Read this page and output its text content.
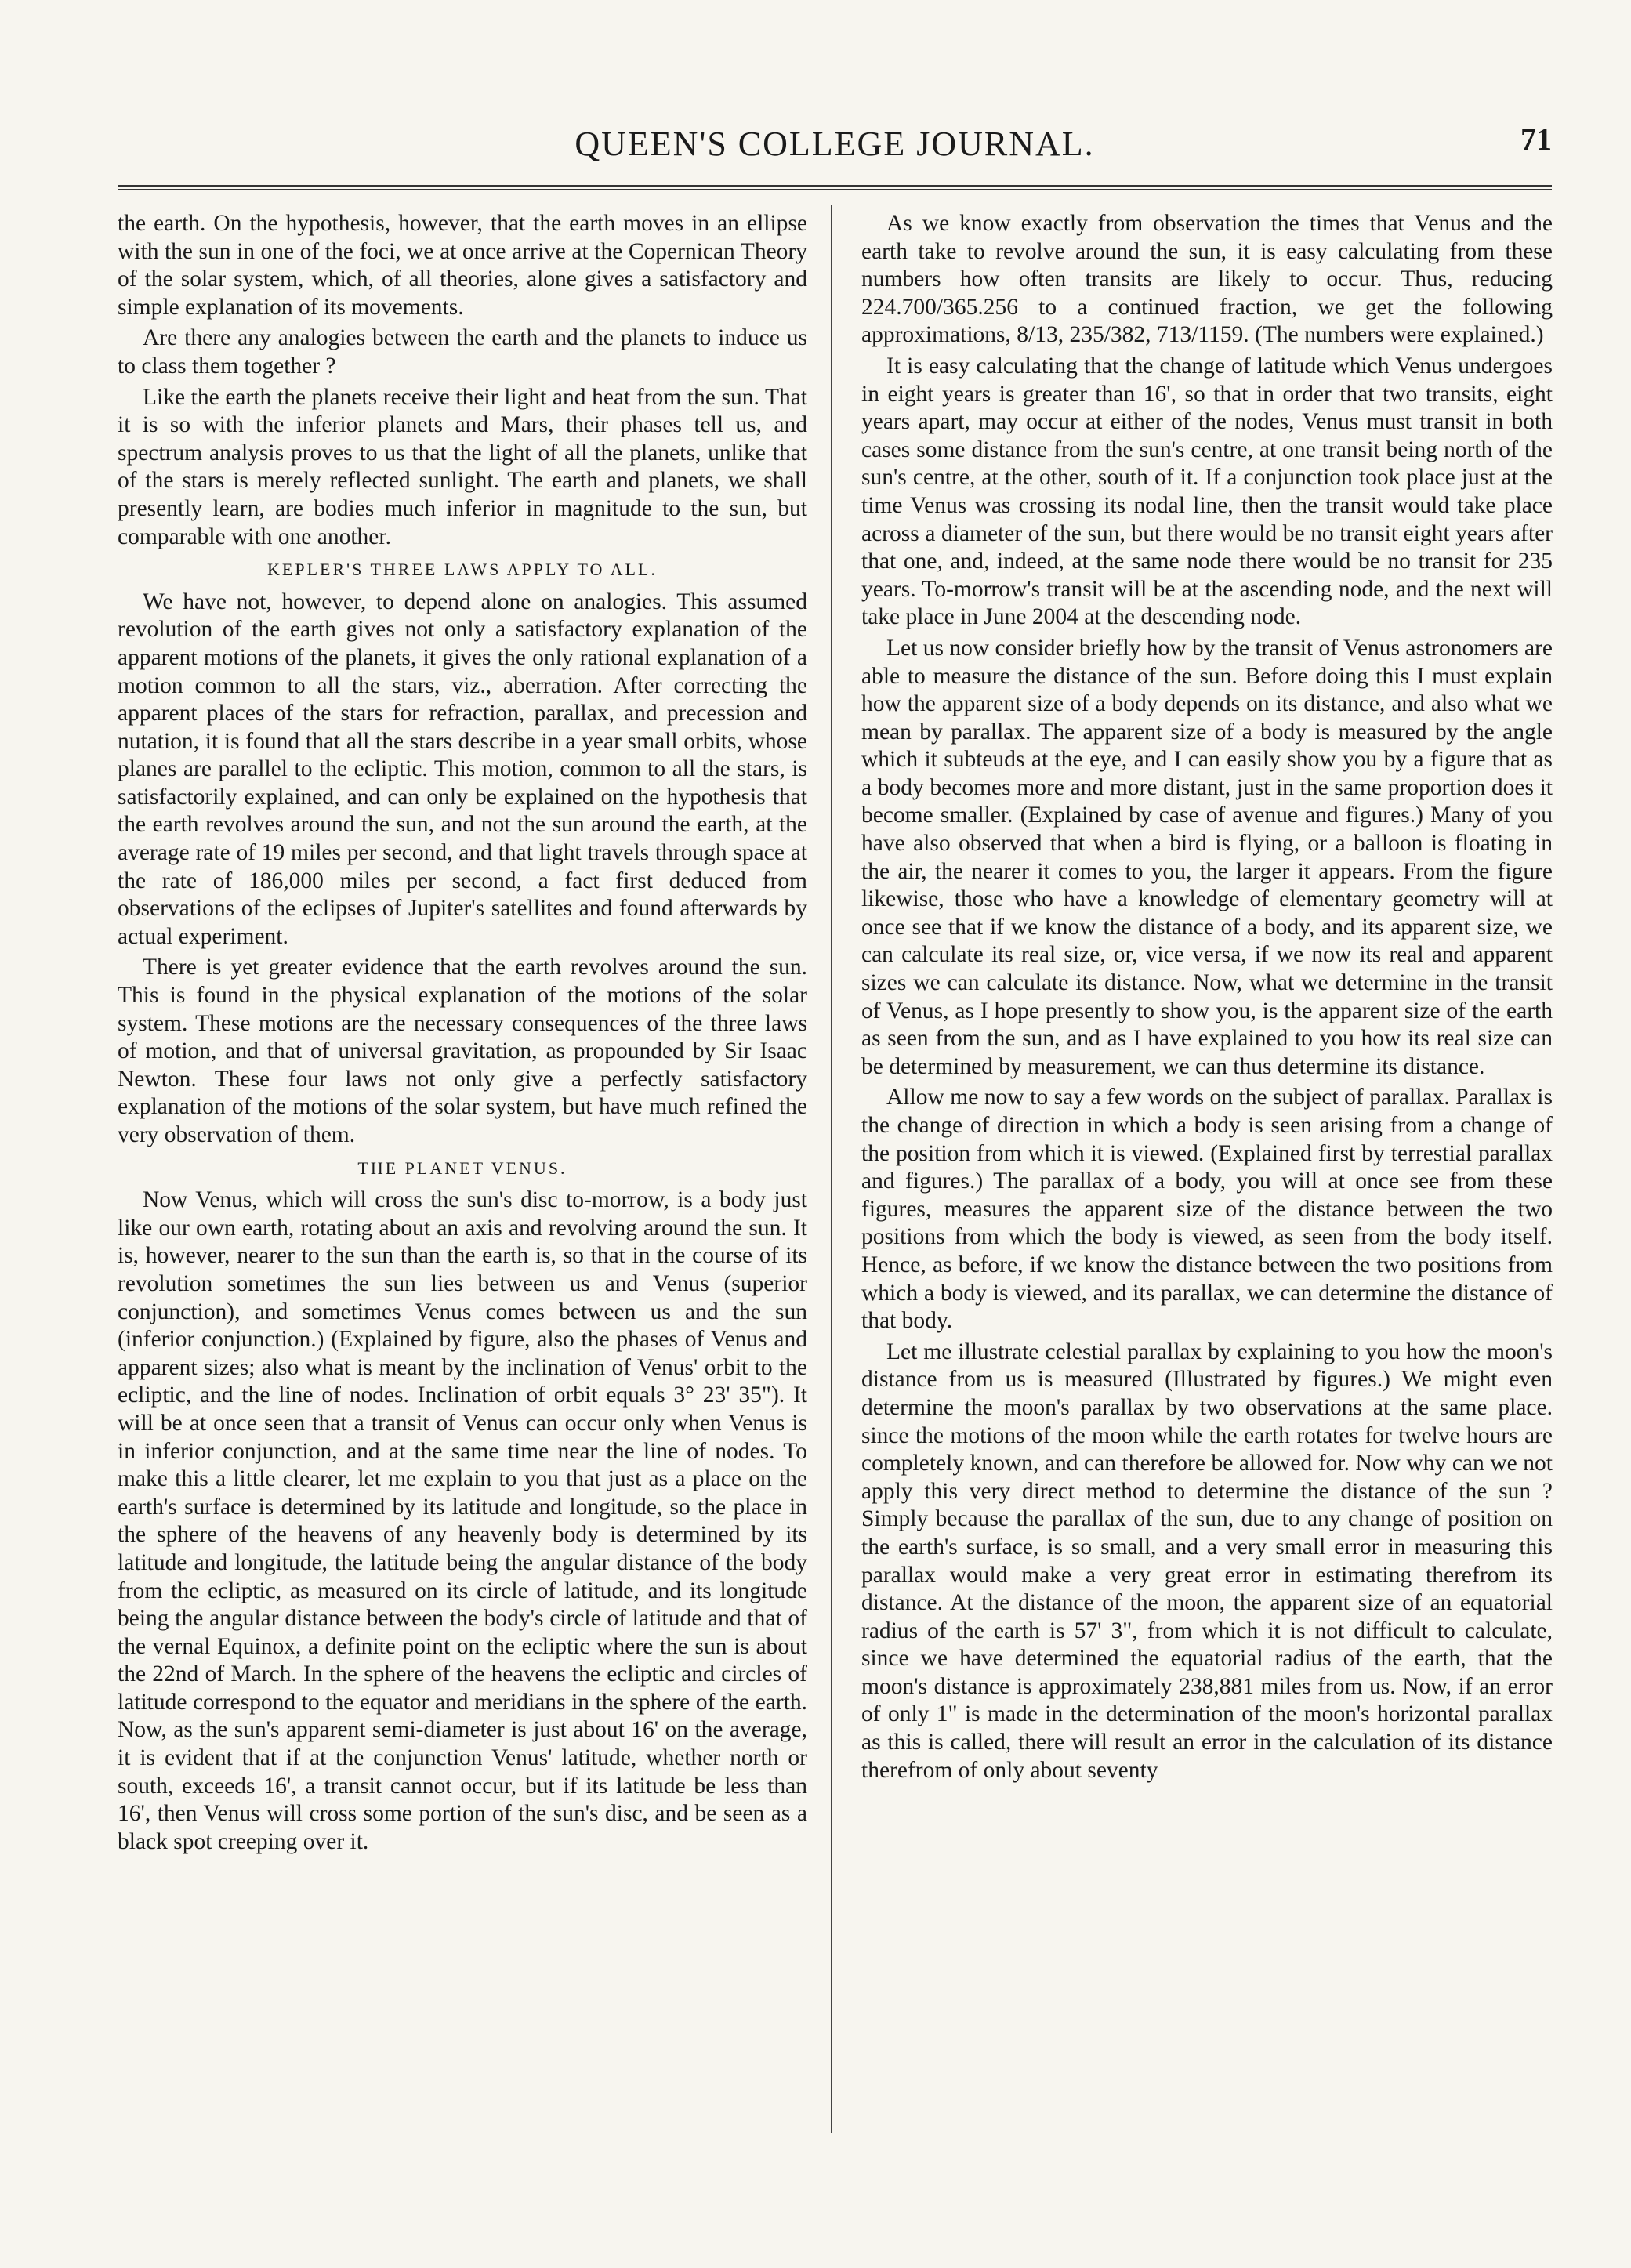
QUEEN'S COLLEGE JOURNAL.	71

the earth. On the hypothesis, however, that the earth moves in an ellipse with the sun in one of the foci, we at once arrive at the Copernican Theory of the solar system, which, of all theories, alone gives a satisfactory and simple explanation of its movements.

Are there any analogies between the earth and the planets to induce us to class them together ?

Like the earth the planets receive their light and heat from the sun. That it is so with the inferior planets and Mars, their phases tell us, and spectrum analysis proves to us that the light of all the planets, unlike that of the stars is merely reflected sunlight. The earth and planets, we shall presently learn, are bodies much inferior in magnitude to the sun, but comparable with one another.

KEPLER'S THREE LAWS APPLY TO ALL.

We have not, however, to depend alone on analogies. This assumed revolution of the earth gives not only a satisfactory explanation of the apparent motions of the planets, it gives the only rational explanation of a motion common to all the stars, viz., aberration. After correcting the apparent places of the stars for refraction, parallax, and precession and nutation, it is found that all the stars describe in a year small orbits, whose planes are parallel to the ecliptic. This motion, common to all the stars, is satisfactorily explained, and can only be explained on the hypothesis that the earth revolves around the sun, and not the sun around the earth, at the average rate of 19 miles per second, and that light travels through space at the rate of 186,000 miles per second, a fact first deduced from observations of the eclipses of Jupiter's satellites and found afterwards by actual experiment.

There is yet greater evidence that the earth revolves around the sun. This is found in the physical explanation of the motions of the solar system. These motions are the necessary consequences of the three laws of motion, and that of universal gravitation, as propounded by Sir Isaac Newton. These four laws not only give a perfectly satisfactory explanation of the motions of the solar system, but have much refined the very observation of them.

THE PLANET VENUS.

Now Venus, which will cross the sun's disc to-morrow, is a body just like our own earth, rotating about an axis and revolving around the sun. It is, however, nearer to the sun than the earth is, so that in the course of its revolution sometimes the sun lies between us and Venus (superior conjunction), and sometimes Venus comes between us and the sun (inferior conjunction.) (Explained by figure, also the phases of Venus and apparent sizes; also what is meant by the inclination of Venus' orbit to the ecliptic, and the line of nodes. Inclination of orbit equals 3° 23' 35"). It will be at once seen that a transit of Venus can occur only when Venus is in inferior conjunction, and at the same time near the line of nodes. To make this a little clearer, let me explain to you that just as a place on the earth's surface is determined by its latitude and longitude, so the place in the sphere of the heavens of any heavenly body is determined by its latitude and longitude, the latitude being the angular distance of the body from the ecliptic, as measured on its circle of latitude, and its longitude being the angular distance between the body's circle of latitude and that of the vernal Equinox, a definite point on the ecliptic where the sun is about the 22nd of March. In the sphere of the heavens the ecliptic and circles of latitude correspond to the equator and meridians in the sphere of the earth. Now, as the sun's apparent semi-diameter is just about 16' on the average, it is evident that if at the conjunction Venus' latitude, whether north or south, exceeds 16', a transit cannot occur, but if its latitude be less than 16', then Venus will cross some portion of the sun's disc, and be seen as a black spot creeping over it.

As we know exactly from observation the times that Venus and the earth take to revolve around the sun, it is easy calculating from these numbers how often transits are likely to occur. Thus, reducing 224.700/365.256 to a continued fraction, we get the following approximations, 8/13, 235/382, 713/1159. (The numbers were explained.)

It is easy calculating that the change of latitude which Venus undergoes in eight years is greater than 16', so that in order that two transits, eight years apart, may occur at either of the nodes, Venus must transit in both cases some distance from the sun's centre, at one transit being north of the sun's centre, at the other, south of it. If a conjunction took place just at the time Venus was crossing its nodal line, then the transit would take place across a diameter of the sun, but there would be no transit eight years after that one, and, indeed, at the same node there would be no transit for 235 years. To-morrow's transit will be at the ascending node, and the next will take place in June 2004 at the descending node.

Let us now consider briefly how by the transit of Venus astronomers are able to measure the distance of the sun. Before doing this I must explain how the apparent size of a body depends on its distance, and also what we mean by parallax. The apparent size of a body is measured by the angle which it subteuds at the eye, and I can easily show you by a figure that as a body becomes more and more distant, just in the same proportion does it become smaller. (Explained by case of avenue and figures.) Many of you have also observed that when a bird is flying, or a balloon is floating in the air, the nearer it comes to you, the larger it appears. From the figure likewise, those who have a knowledge of elementary geometry will at once see that if we know the distance of a body, and its apparent size, we can calculate its real size, or, vice versa, if we now its real and apparent sizes we can calculate its distance. Now, what we determine in the transit of Venus, as I hope presently to show you, is the apparent size of the earth as seen from the sun, and as I have explained to you how its real size can be determined by measurement, we can thus determine its distance.

Allow me now to say a few words on the subject of parallax. Parallax is the change of direction in which a body is seen arising from a change of the position from which it is viewed. (Explained first by terrestial parallax and figures.) The parallax of a body, you will at once see from these figures, measures the apparent size of the distance between the two positions from which the body is viewed, as seen from the body itself. Hence, as before, if we know the distance between the two positions from which a body is viewed, and its parallax, we can determine the distance of that body.

Let me illustrate celestial parallax by explaining to you how the moon's distance from us is measured (Illustrated by figures.) We might even determine the moon's parallax by two observations at the same place. since the motions of the moon while the earth rotates for twelve hours are completely known, and can therefore be allowed for. Now why can we not apply this very direct method to determine the distance of the sun ? Simply because the parallax of the sun, due to any change of position on the earth's surface, is so small, and a very small error in measuring this parallax would make a very great error in estimating therefrom its distance. At the distance of the moon, the apparent size of an equatorial radius of the earth is 57' 3", from which it is not difficult to calculate, since we have determined the equatorial radius of the earth, that the moon's distance is approximately 238,881 miles from us. Now, if an error of only 1" is made in the determination of the moon's horizontal parallax as this is called, there will result an error in the calculation of its distance therefrom of only about seventy
